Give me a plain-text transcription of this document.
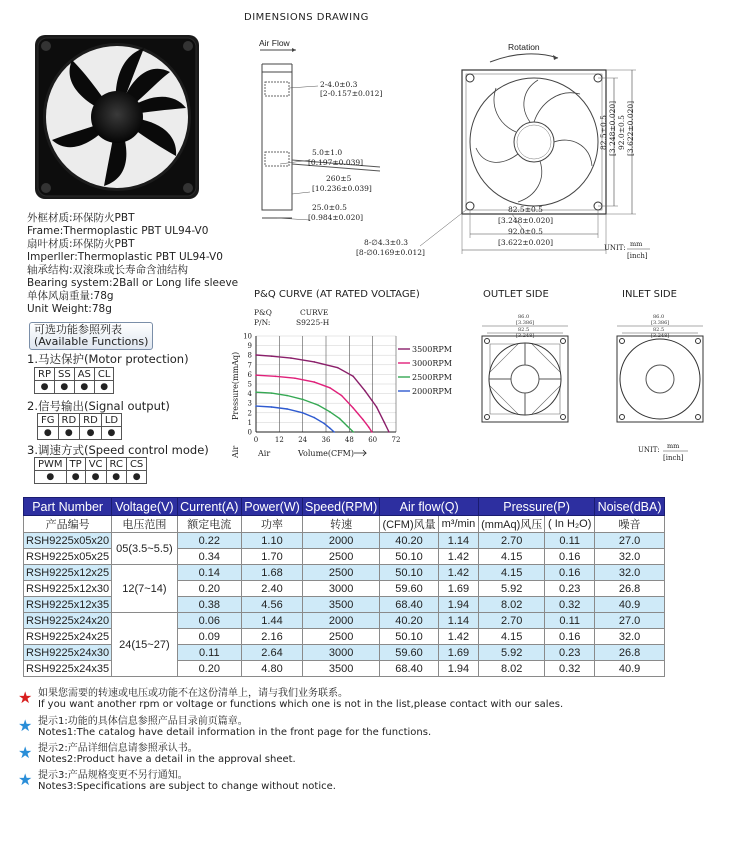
DIMENSIONS DRAWING
Air Flow	Rotation
2-4.0±0.3
[2-0.157±0.012]
5.0±1.0
[0.197±0.039]
260±5
[10.236±0.039]
25.0±0.5
[0.984±0.020]
8-∅4.3±0.3
[8-∅0.169±0.012]
82.5±0.5
[3.248±0.020]
92.0±0.5
[3.622±0.020]
82.5±0.5 [3.248±0.020] 92.0±0.5 [3.622±0.020]
UNIT: mm
[inch]
外框材质:环保防火PBT
Frame:Thermoplastic PBT UL94-V0
扇叶材质:环保防火PBT
Imperller:Thermoplastic PBT UL94-V0
轴承结构:双滚珠或长寿命含油结构
Bearing system:2Ball or Long life sleeve
单体风扇重量:78g
Unit Weight:78g
可选功能参照列表
(Available Functions)
1.马达保护(Motor protection)
RP	SS	AS	CL
●	●	●	●
2.信号输出(Signal output)
FG	RD	RD	LD
●	●	●	●
3.调速方式(Speed control mode)
PWM	TP	VC	RC	CS
●	●	●	●	●
P&Q CURVE (AT RATED VOLTAGE)
0
1
2
3
4
5
6
7
8
9
10
0 12 24 36 48 60 72
P&Q
P/N:
CURVE
S9225-H
Pressure(mmAq)
Air Air	Volume(CFM)
3500RPM
3000RPM
2500RPM
2000RPM
OUTLET SIDE	INLET SIDE
86.0
[3.386]
82.5
[3.248]
86.0
[3.386]
82.5
[3.248]
UNIT: mm
[inch]
Part Number	Voltage(V)	Current(A)	Power(W)	Speed(RPM)	Air flow(Q)		Pressure(P)		Noise(dBA)
产品编号	电压范围	额定电流	功率	转速	(CFM)风量	m³/min	(mmAq)风压	( In H₂O)	噪音
RSH9225x05x20	05(3.5~5.5)	0.22	1.10	2000	40.20	1.14	2.70	0.11	27.0
RSH9225x05x25		0.34	1.70	2500	50.10	1.42	4.15	0.16	32.0
RSH9225x12x25	12(7~14)	0.14	1.68	2500	50.10	1.42	4.15	0.16	32.0
RSH9225x12x30		0.20	2.40	3000	59.60	1.69	5.92	0.23	26.8
RSH9225x12x35		0.38	4.56	3500	68.40	1.94	8.02	0.32	40.9
RSH9225x24x20	24(15~27)	0.06	1.44	2000	40.20	1.14	2.70	0.11	27.0
RSH9225x24x25		0.09	2.16	2500	50.10	1.42	4.15	0.16	32.0
RSH9225x24x30		0.11	2.64	3000	59.60	1.69	5.92	0.23	26.8
RSH9225x24x35		0.20	4.80	3500	68.40	1.94	8.02	0.32	40.9
★ 如果您需要的转速或电压或功能不在这份清单上，请与我们业务联系。
If you want another rpm or voltage or functions which one is not in the list,please contact with our sales.
★ 提示1:功能的具体信息参照产品目录前页篇章。
Notes1:The catalog have detail information in the front page for the functions.
★ 提示2:产品详细信息请参照承认书。
Notes2:Product have a detail in the approval sheet.
★ 提示3:产品规格变更不另行通知。
Notes3:Specifications are subject to change without notice.
